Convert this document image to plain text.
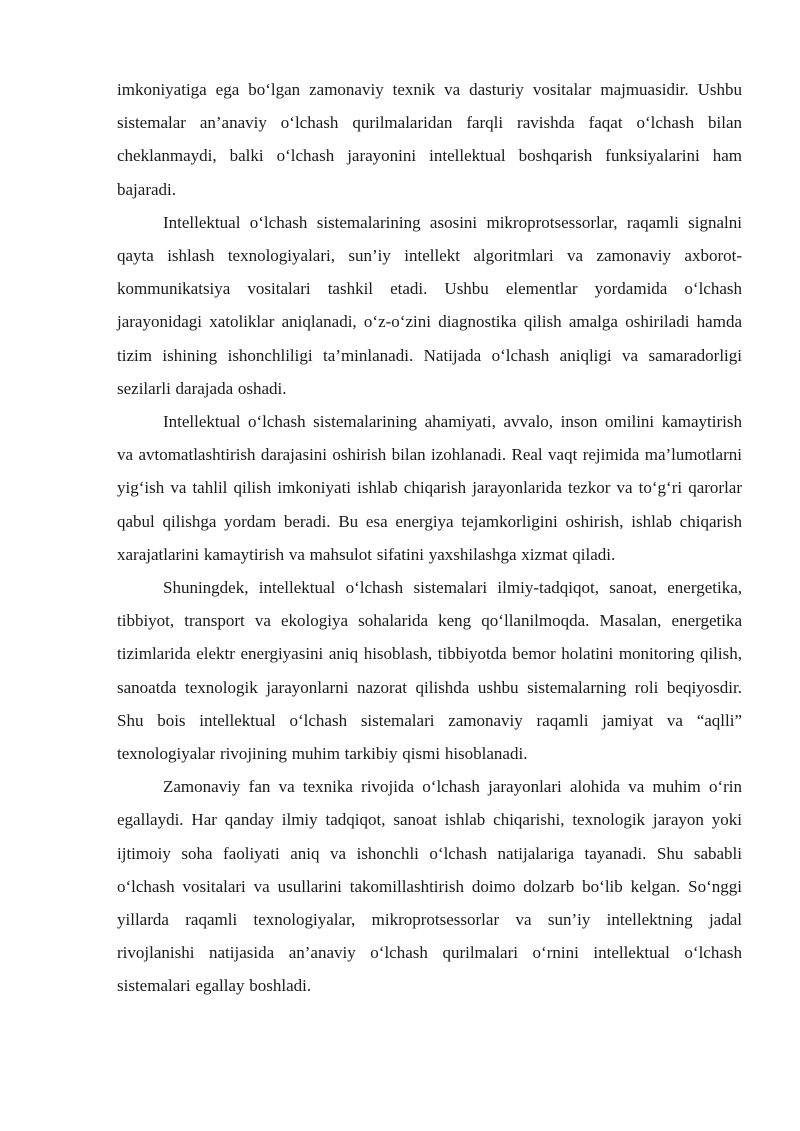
imkoniyatiga ega bo‘lgan zamonaviy texnik va dasturiy vositalar majmuasidir. Ushbu sistemalar an’anaviy o‘lchash qurilmalaridan farqli ravishda faqat o‘lchash bilan cheklanmaydi, balki o‘lchash jarayonini intellektual boshqarish funksiyalarini ham bajaradi.

Intellektual o‘lchash sistemalarining asosini mikroprotsessorlar, raqamli signalni qayta ishlash texnologiyalari, sun’iy intellekt algoritmlari va zamonaviy axborot-kommunikatsiya vositalari tashkil etadi. Ushbu elementlar yordamida o‘lchash jarayonidagi xatoliklar aniqlanadi, o‘z-o‘zini diagnostika qilish amalga oshiriladi hamda tizim ishining ishonchliligi ta’minlanadi. Natijada o‘lchash aniqligi va samaradorligi sezilarli darajada oshadi.

Intellektual o‘lchash sistemalarining ahamiyati, avvalo, inson omilini kamaytirish va avtomatlashtirish darajasini oshirish bilan izohlanadi. Real vaqt rejimida ma’lumotlarni yig‘ish va tahlil qilish imkoniyati ishlab chiqarish jarayonlarida tezkor va to‘g‘ri qarorlar qabul qilishga yordam beradi. Bu esa energiya tejamkorligini oshirish, ishlab chiqarish xarajatlarini kamaytirish va mahsulot sifatini yaxshilashga xizmat qiladi.

Shuningdek, intellektual o‘lchash sistemalari ilmiy-tadqiqot, sanoat, energetika, tibbiyot, transport va ekologiya sohalarida keng qo‘llanilmoqda. Masalan, energetika tizimlarida elektr energiyasini aniq hisoblash, tibbiyotda bemor holatini monitoring qilish, sanoatda texnologik jarayonlarni nazorat qilishda ushbu sistemalarning roli beqiyosdir. Shu bois intellektual o‘lchash sistemalari zamonaviy raqamli jamiyat va “aqlli” texnologiyalar rivojining muhim tarkibiy qismi hisoblanadi.

Zamonaviy fan va texnika rivojida o‘lchash jarayonlari alohida va muhim o‘rin egallaydi. Har qanday ilmiy tadqiqot, sanoat ishlab chiqarishi, texnologik jarayon yoki ijtimoiy soha faoliyati aniq va ishonchli o‘lchash natijalariga tayanadi. Shu sababli o‘lchash vositalari va usullarini takomillashtirish doimo dolzarb bo‘lib kelgan. So‘nggi yillarda raqamli texnologiyalar, mikroprotsessorlar va sun’iy intellektning jadal rivojlanishi natijasida an’anaviy o‘lchash qurilmalari o‘rnini intellektual o‘lchash sistemalari egallay boshladi.
